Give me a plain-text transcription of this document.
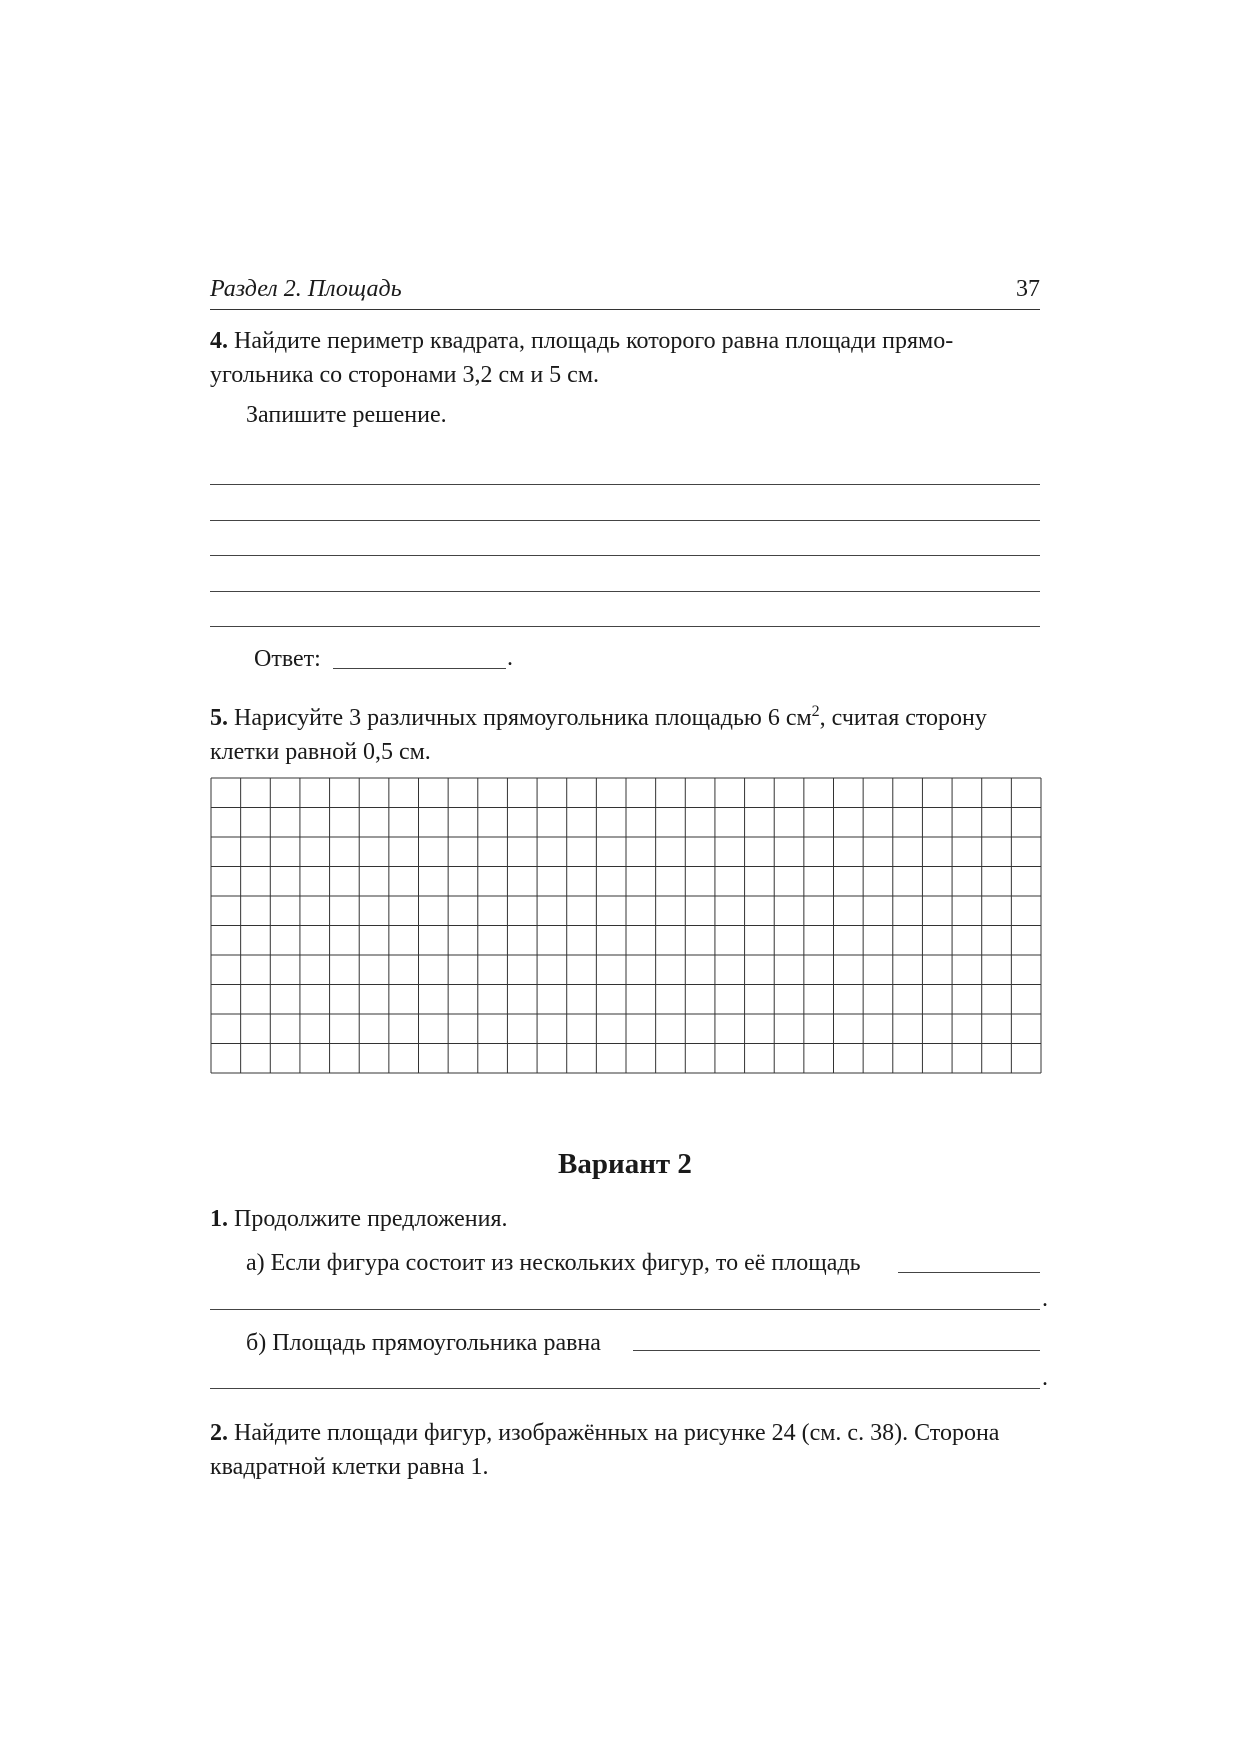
Раздел 2. Площадь	37
4. Найдите периметр квадрата, площадь которого равна площади прямо-
угольника со сторонами 3,2 см и 5 см.
Запишите решение.
Ответ:	.
5. Нарисуйте 3 различных прямоугольника площадью 6 $см^2$, считая сторону
клетки равной 0,5 см.
Вариант 2
1. Продолжите предложения.
а) Если фигура состоит из нескольких фигур, то её площадь
.
б) Площадь прямоугольника равна
.
2. Найдите площади фигур, изображённых на рисунке 24 (см. с. 38). Сторона
квадратной клетки равна 1.
